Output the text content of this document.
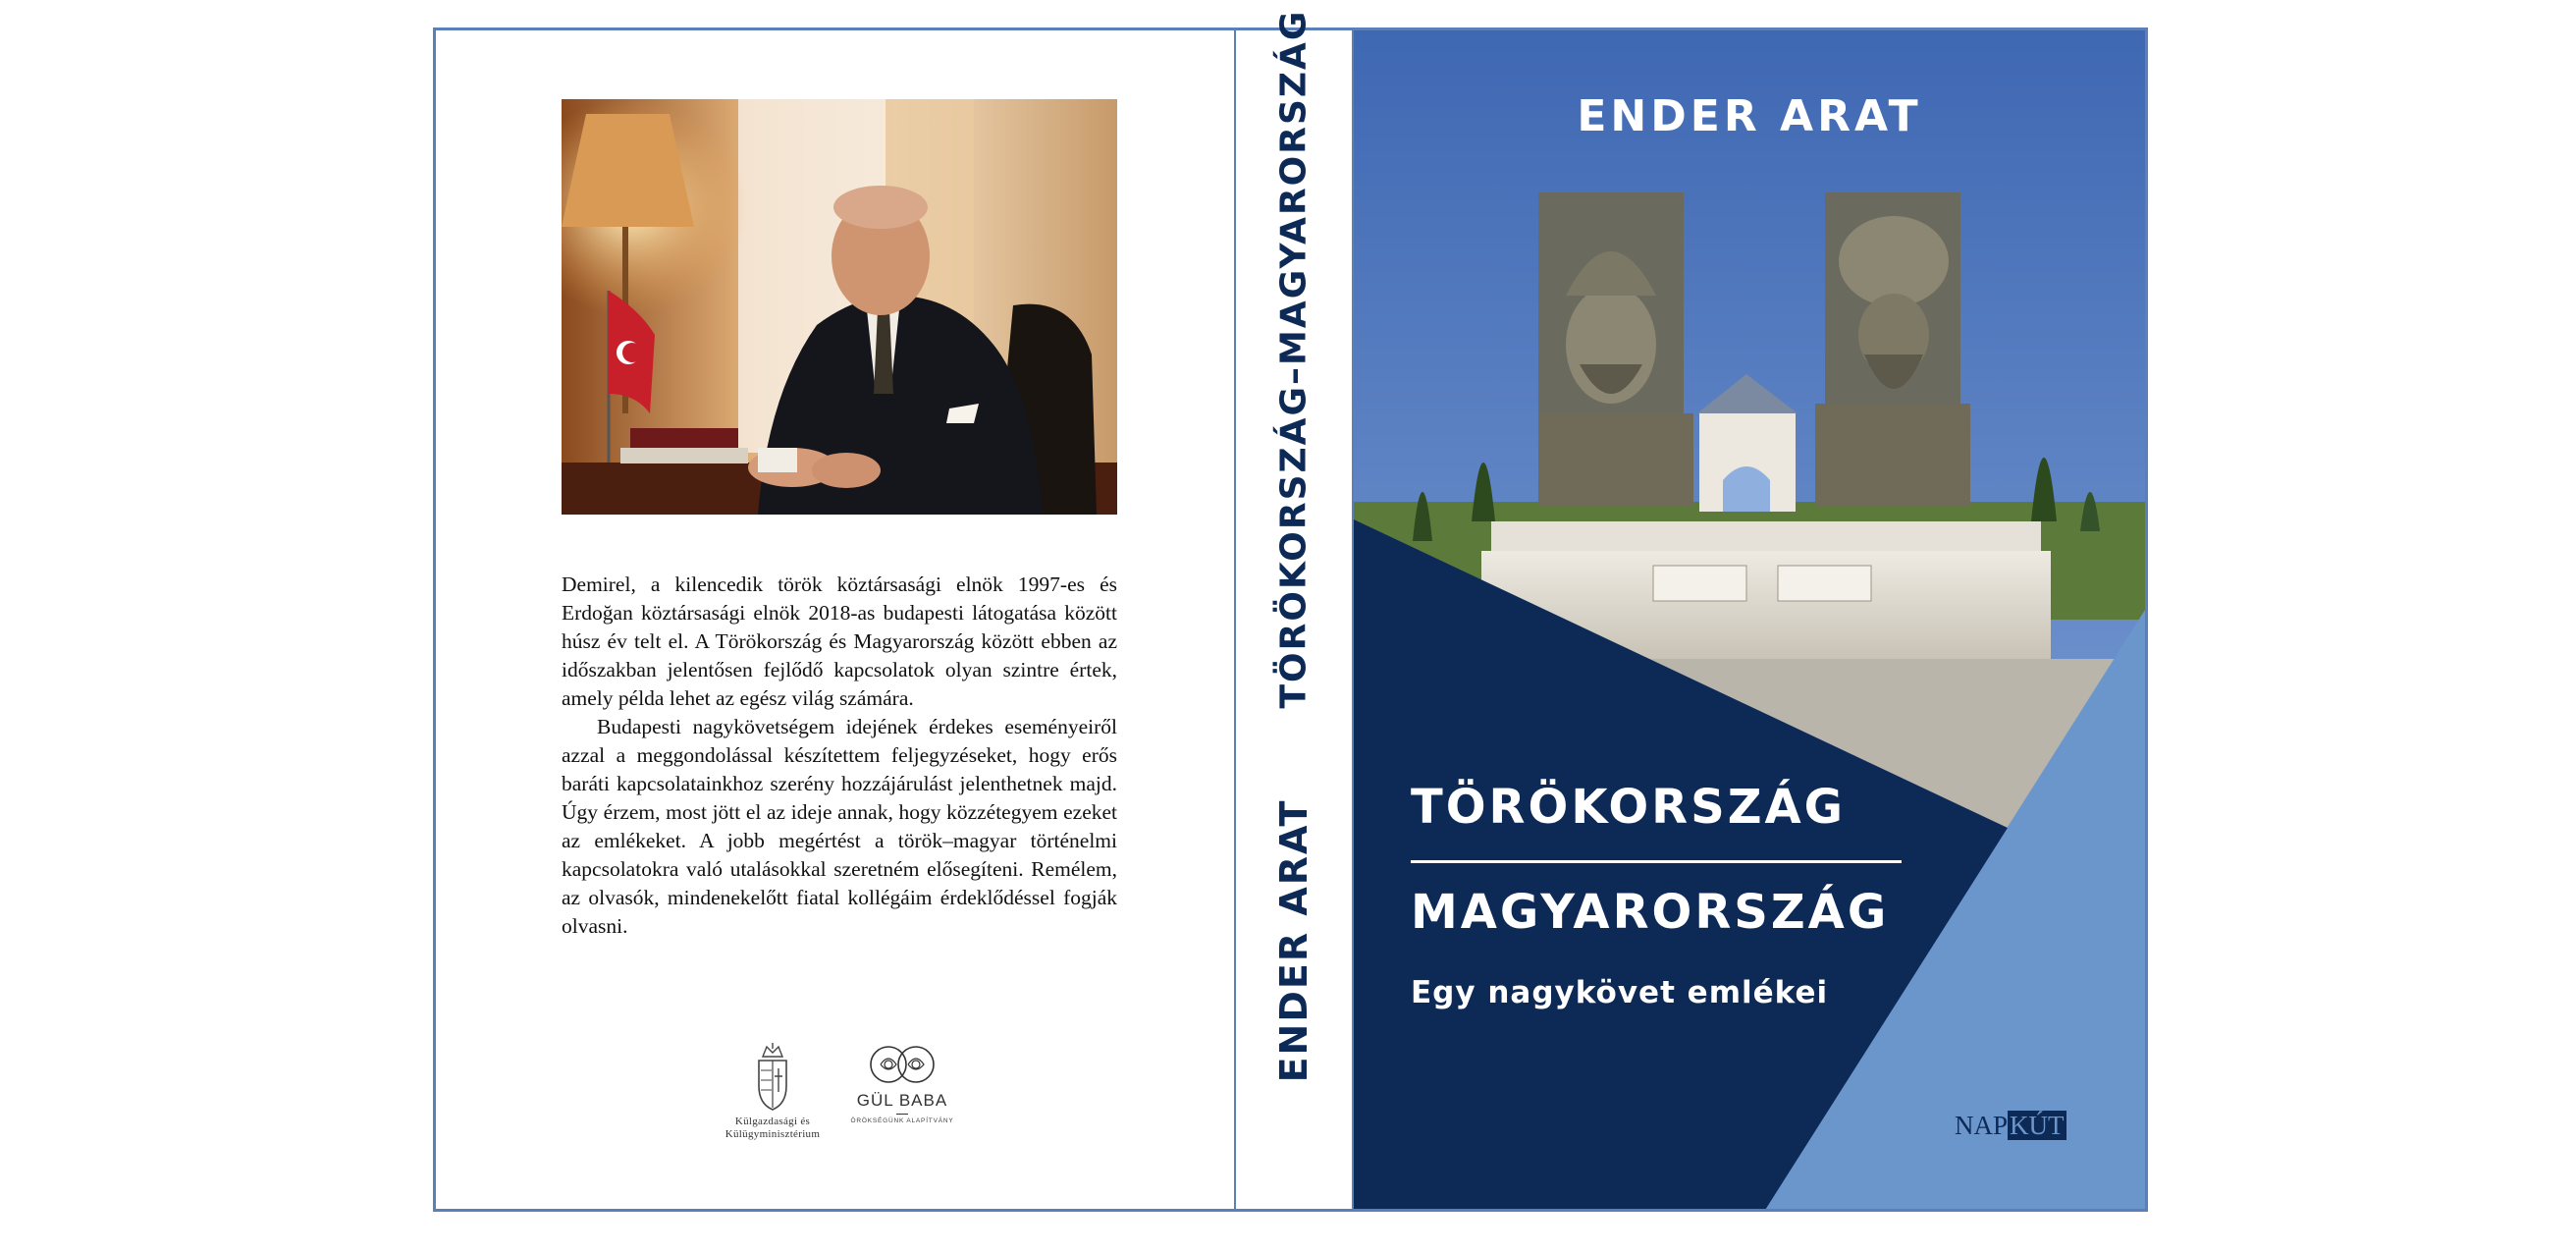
Demirel, a kilencedik török köztársasági elnök 1997-es és Erdoğan köztársasági elnök 2018-as budapesti látogatása között húsz év telt el. A Törökország és Magyarország között ebben az időszakban jelentősen fejlődő kapcsolatok olyan szintre értek, amely példa lehet az egész világ számára.

Budapesti nagykövetségem idejének érdekes eseményeiről azzal a meggondolással készítettem feljegyzéseket, hogy erős baráti kapcsolatainkhoz szerény hozzájárulást jelenthetnek majd. Úgy érzem, most jött el az ideje annak, hogy közzétegyem ezeket az emlékeket. A jobb megértést a török–magyar történelmi kapcsolatokra való utalásokkal szeretném elősegíteni. Remélem, az olvasók, mindenekelőtt fiatal kollégáim érdeklődéssel fogják olvasni.

Külgazdasági és
Külügyminisztérium
GÜL BABA
ÖRÖKSÉGÜNK ALAPÍTVÁNY
TÖRÖKORSZÁG–MAGYARORSZÁG
ENDER ARAT
ENDER ARAT
TÖRÖKORSZÁG
MAGYARORSZÁG
Egy nagykövet emlékei
NAPKÚT
